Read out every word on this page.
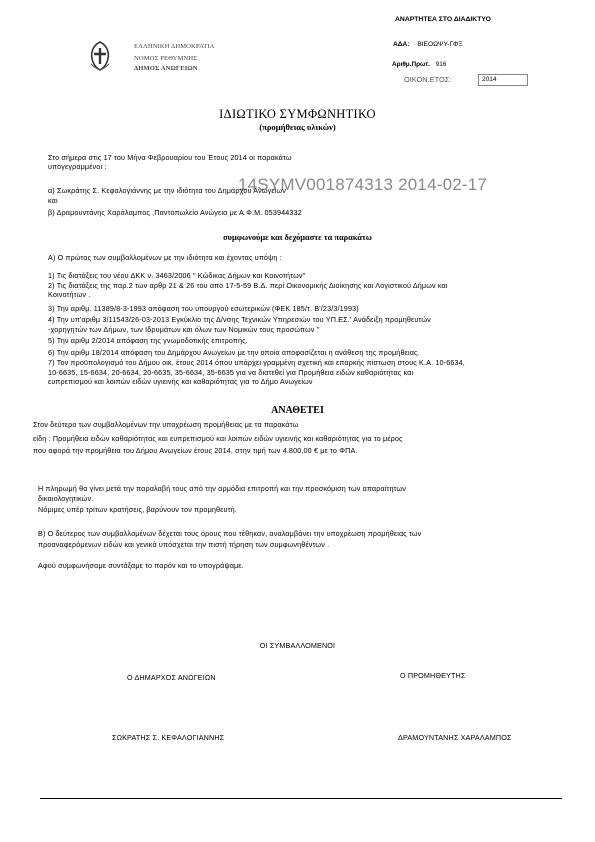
ΑΝΑΡΤΗΤΕΑ ΣΤΟ ΔΙΑΔΙΚΤΥΟ
ΕΛΛΗΝΙΚΗ ΔΗΜΟΚΡΑΤΙΑ
ΝΟΜΟΣ ΡΕΘΥΜΝΗΣ
ΔΗΜΟΣ ΑΝΩΓΕΙΩΝ
ΑΔΑ: ΒΙΕΟΩΨΥ-ΓΦΞ
Αριθμ.Πρωτ. 916
ΟΙΚΟΝ.ΕΤΟΣ:	2014
ΙΔΙΩΤΙΚΟ ΣΥΜΦΩΝΗΤΙΚΟ
(προμήθειας υλικών)
14SYMV001874313 2014-02-17
Στο σήμερα στις 17 του Μήνα Φεβρουαρίου του Έτους 2014 οι παρακάτω
υπογεγραμμένοι :
α) Σωκράτης Σ. Κεφαλογιάννης με την ιδιότητα του Δημάρχου Ανωγείων
και
β) Δραμουντάνης Χαράλαμπος ,Παντοπωλείο Ανώγεια με Α.Φ.Μ. 053944332
συμφωνούμε και δεχόμαστε τα παρακάτω
Α) Ο πρώτος των συμβαλλομένων με την ιδιότητα και έχοντας υπόψη :
1) Τις διατάξεις του νέου ΔΚΚ ν. 3463/2006 " Κώδικας Δήμων και Κοινοτήτων"
2) Τις διατάξεις της παρ.2 των αρθρ 21 & 26 του απο 17-5-59 Β.Δ. περί Οικονομικής Διοίκησης και Λογιστικού Δήμων και
Κοινοτήτων .
3) Την αριθμ. 11389/8-3-1993 απόφαση του υπουργού εσωτερικών (ΦΕΚ 185/τ. Β'/23/3/1993)
4) Την υπ'αριθμ 3/11543/26-03-2013 Εγκύκλιο της Δ/νσης Τεχνικών Υπηρεσιών του ΥΠ.ΕΣ.' Ανάδειξη προμηθευτών
-χορηγητών των Δήμων, των Ιδρυμάτων και όλων των Νομικών τους προσώπων ''
5) Την αριθμ 2/2014 απόφαση της γνωμοδοτικής επιτροπής.
6) Την αριθμ 18/2014 απόφαση του Δημάρχου Ανωγείων με την οποία αποφασίζεται η ανάθεση της προμήθειας.
7) Τον προϋπολογισμό του Δήμου οικ. έτους 2014 όπου υπάρχει γραμμένη σχετική και επαρκής πίστωση στους Κ.Α. 10-6634,
10-6635, 15-6634, 20-6634, 20-6635, 35-6634, 35-6635 για να διατεθεί για Προμήθεια ειδών καθαριότητας και
ευπρεπισμού και λοιπών ειδών υγιεινής και καθαριότητας για το Δήμο Ανωγείων
ΑΝΑΘΕΤΕΙ
Στον δεύτερο των συμβαλλομένων την υποχρέωση προμήθειας με τα παρακάτω
είδη : Προμήθεια ειδών καθαριότητας και ευπρεπισμού και λοιπών ειδών υγιεινής και καθαριότητας για το μέρος
που αφορά την προμήθεια του Δήμου Ανωγείων έτους 2014, στην τιμή των 4.800,00 € με το ΦΠΑ.
Η πληρωμή θα γίνει μετά την παραλαβή τους από την αρμόδια επιτροπή και την προσκόμιση των απαραίτητων
δικαιολογητικών.
Νόμιμες υπέρ τρίτων κρατήσεις, βαρύνουν τον προμηθευτή.
Β) Ο δεύτερος των συμβαλλομένων δέχεται τους όρους που τέθηκαν, αναλαμβάνει την υποχρέωση προμήθειας των
προαναφερόμενων ειδών και γενικά υπόσχεται την πιστή τήρηση των συμφωνηθέντων .
Αφού συμφωνήσαμε συντάξαμε το παρόν και το υπογράψαμε.
ΟΙ ΣΥΜΒΑΛΛΟΜΕΝΟΙ
Ο ΔΗΜΑΡΧΟΣ ΑΝΩΓΕΙΩΝ	Ο ΠΡΟΜΗΘΕΥΤΗΣ
ΣΩΚΡΑΤΗΣ Σ. ΚΕΦΑΛΟΓΙΑΝΝΗΣ	ΔΡΑΜΟΥΝΤΑΝΗΣ ΧΑΡΑΛΑΜΠΟΣ
